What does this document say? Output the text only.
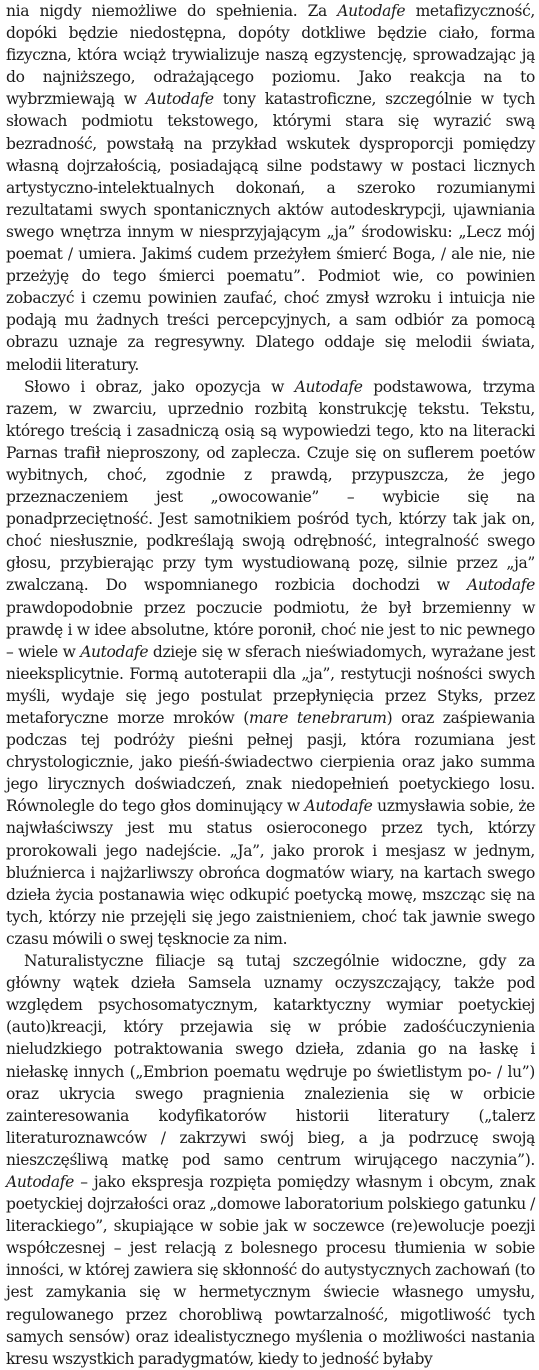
nia nigdy niemożliwe do spełnienia. Za Autodafe metafizyczność, dopóki będzie niedostępna, dopóty dotkliwe będzie ciało, forma fizyczna, która wciąż trywializuje naszą egzystencję, sprowadzając ją do najniższego, odrażającego poziomu. Jako reakcja na to wybrzmiewają w Autodafe tony katastroficzne, szczególnie w tych słowach podmiotu tekstowego, którymi stara się wyrazić swą bezradność, powstałą na przykład wskutek dysproporcji pomiędzy własną dojrzałością, posiadającą silne podstawy w postaci licznych artystyczno-intelektualnych dokonań, a szeroko rozumianymi rezultatami swych spontanicznych aktów autodeskrypcji, ujawniania swego wnętrza innym w niesprzyjającym „ja” środowisku: „Lecz mój poemat / umiera. Jakimś cudem przeżyłem śmierć Boga, / ale nie, nie przeżyję do tego śmierci poematu”. Podmiot wie, co powinien zobaczyć i czemu powinien zaufać, choć zmysł wzroku i intuicja nie podają mu żadnych treści percepcyjnych, a sam odbiór za pomocą obrazu uznaje za regresywny. Dlatego oddaje się melodii świata, melodii literatury.

Słowo i obraz, jako opozycja w Autodafe podstawowa, trzyma razem, w zwarciu, uprzednio rozbitą konstrukcję tekstu. Tekstu, którego treścią i zasadniczą osią są wypowiedzi tego, kto na literacki Parnas trafił nieproszony, od zaplecza. Czuje się on suflerem poetów wybitnych, choć, zgodnie z prawdą, przypuszcza, że jego przeznaczeniem jest „owocowanie” – wybicie się na ponadprzeciętność. Jest samotnikiem pośród tych, którzy tak jak on, choć niesłusznie, podkreślają swoją odrębność, integralność swego głosu, przybierając przy tym wystudiowaną pozę, silnie przez „ja” zwalczaną. Do wspomnianego rozbicia dochodzi w Autodafe prawdopodobnie przez poczucie podmiotu, że był brzemienny w prawdę i w idee absolutne, które poronił, choć nie jest to nic pewnego – wiele w Autodafe dzieje się w sferach nieświadomych, wyrażane jest nieeksplicytnie. Formą autoterapii dla „ja”, restytucji nośności swych myśli, wydaje się jego postulat przepłynięcia przez Styks, przez metaforyczne morze mroków (mare tenebrarum) oraz zaśpiewania podczas tej podróży pieśni pełnej pasji, która rozumiana jest chrystologicznie, jako pieśń-świadectwo cierpienia oraz jako summa jego lirycznych doświadczeń, znak niedopełnień poetyckiego losu. Równolegle do tego głos dominujący w Autodafe uzmysławia sobie, że najwłaściwszy jest mu status osieroconego przez tych, którzy prorokowali jego nadejście. „Ja”, jako prorok i mesjasz w jednym, bluźnierca i najżarliwszy obrońca dogmatów wiary, na kartach swego dzieła życia postanawia więc odkupić poetycką mowę, mszcząc się na tych, którzy nie przejęli się jego zaistnieniem, choć tak jawnie swego czasu mówili o swej tęsknocie za nim.

Naturalistyczne filiacje są tutaj szczególnie widoczne, gdy za główny wątek dzieła Samsela uznamy oczyszczający, także pod względem psychosomatycznym, katarktyczny wymiar poetyckiej (auto)kreacji, który przejawia się w próbie zadośćuczynienia nieludzkiego potraktowania swego dzieła, zdania go na łaskę i niełaskę innych („Embrion poematu wędruje po świetlistym po- / lu”) oraz ukrycia swego pragnienia znalezienia się w orbicie zainteresowania kodyfikatorów historii literatury („talerz literaturoznawców / zakrzywi swój bieg, a ja podrzucę swoją nieszczęśliwą matkę pod samo centrum wirującego naczynia”). Autodafe – jako ekspresja rozpięta pomiędzy własnym i obcym, znak poetyckiej dojrzałości oraz „domowe laboratorium polskiego gatunku / literackiego”, skupiające w sobie jak w soczewce (re)ewolucje poezji współczesnej – jest relacją z bolesnego procesu tłumienia w sobie inności, w której zawiera się skłonność do autystycznych zachowań (to jest zamykania się w hermetycznym świecie własnego umysłu, regulowanego przez chorobliwą powtarzalność, migotliwość tych samych sensów) oraz idealistycznego myślenia o możliwości nastania kresu wszystkich paradygmatów, kiedy to jedność byłaby
